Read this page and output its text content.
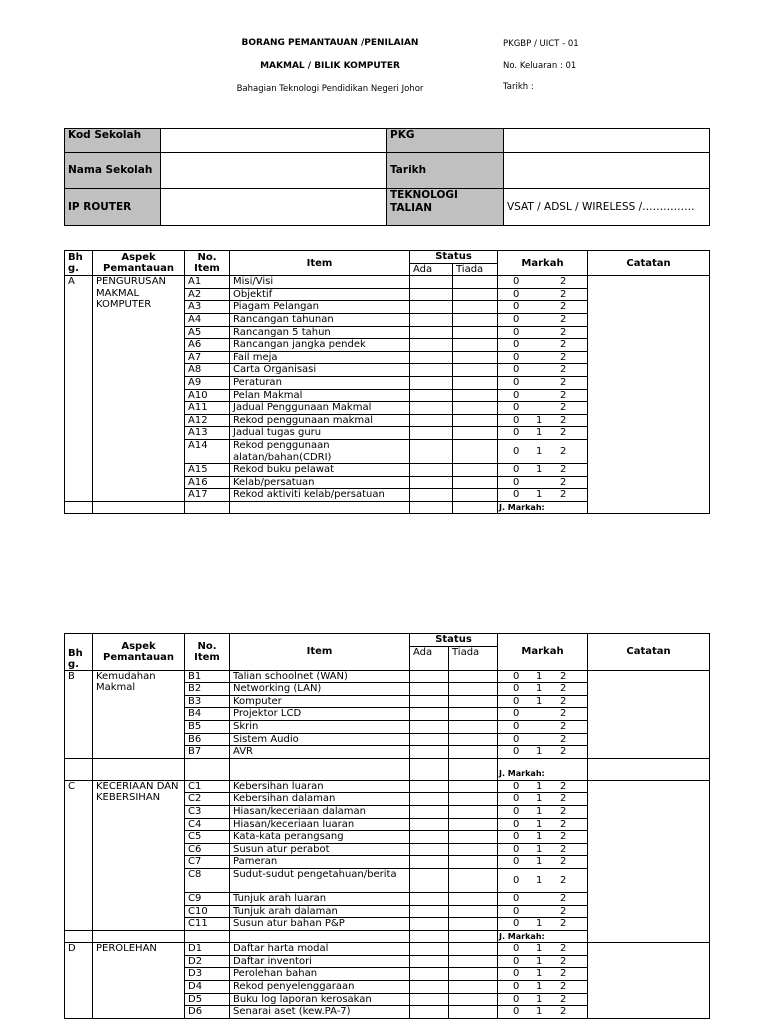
BORANG PEMANTAUAN /PENILAIAN
MAKMAL / BILIK KOMPUTER
Bahagian Teknologi Pendidikan Negeri Johor
PKGBP / UICT - 01
No. Keluaran : 01
Tarikh :
Kod Sekolah		PKG	
Nama Sekolah		Tarikh	
IP ROUTER		TEKNOLOGI TALIAN	VSAT / ADSL / WIRELESS /……………
Bh g.	Aspek Pemantauan	No. Item	Item	Status		Markah	Catatan
				Ada	Tiada		
A	PENGURUSAN MAKMAL KOMPUTER	A1	Misi/Visi			0 2	

		A2	Objektif			0 2	

		A3	Piagam Pelangan			0 2	

		A4	Rancangan tahunan			0 2	

		A5	Rancangan 5 tahun			0 2	

		A6	Rancangan jangka pendek			0 2	

		A7	Fail meja			0 2	

		A8	Carta Organisasi			0 2	

		A9	Peraturan			0 2	

		A10	Pelan Makmal			0 2	

		A11	Jadual Penggunaan Makmal			0 2	

		A12	Rekod penggunaan makmal			0 1 2	

		A13	Jadual tugas guru			0 1 2	

		A14	Rekod penggunaan alatan/bahan(CDRI)			0 1 2	

		A15	Rekod buku pelawat			0 1 2	

		A16	Kelab/persatuan			0 2	

		A17	Rekod aktiviti kelab/persatuan			0 1 2	

						J. Markah:	
Bh g.	Aspek Pemantauan	No. Item	Item	Status		Markah	Catatan
				Ada	Tiada		
B	Kemudahan Makmal	B1	Talian schoolnet (WAN)			0 1 2	

		B2	Networking (LAN)			0 1 2	

		B3	Komputer			0 1 2	

		B4	Projektor LCD			0 2	

		B5	Skrin			0 2	

		B6	Sistem Audio			0 2	

		B7	AVR			0 1 2	

						J. Markah:	
C	KECERIAAN DAN KEBERSIHAN	C1	Kebersihan luaran			0 1 2	

		C2	Kebersihan dalaman			0 1 2	

		C3	Hiasan/keceriaan dalaman			0 1 2	

		C4	Hiasan/keceriaan luaran			0 1 2	

		C5	Kata-kata perangsang			0 1 2	

		C6	Susun atur perabot			0 1 2	

		C7	Pameran			0 1 2	

		C8	Sudut-sudut pengetahuan/berita			0 1 2	

		C9	Tunjuk arah luaran			0 2	

		C10	Tunjuk arah dalaman			0 2	

		C11	Susun atur bahan P&P			0 1 2	

						J. Markah:	
D	PEROLEHAN	D1	Daftar harta modal			0 1 2	

		D2	Daftar inventori			0 1 2	

		D3	Perolehan bahan			0 1 2	

		D4	Rekod penyelenggaraan			0 1 2	

		D5	Buku log laporan kerosakan			0 1 2	

		D6	Senarai aset (kew.PA-7)			0 1 2	
